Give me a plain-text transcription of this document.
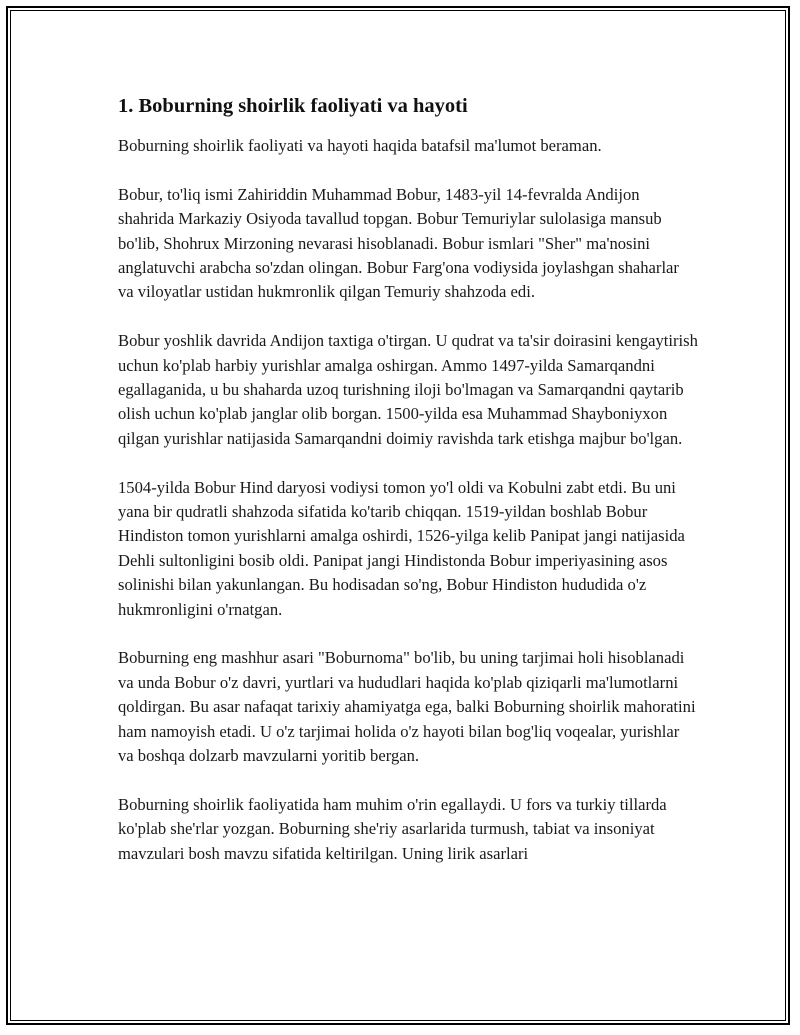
1. Boburning shoirlik faoliyati va hayoti

Boburning shoirlik faoliyati va hayoti haqida batafsil ma'lumot beraman.

Bobur, to'liq ismi Zahiriddin Muhammad Bobur, 1483-yil 14-fevralda Andijon shahrida Markaziy Osiyoda tavallud topgan. Bobur Temuriylar sulolasiga mansub bo'lib, Shohrux Mirzoning nevarasi hisoblanadi. Bobur ismlari "Sher" ma'nosini anglatuvchi arabcha so'zdan olingan. Bobur Farg'ona vodiysida joylashgan shaharlar va viloyatlar ustidan hukmronlik qilgan Temuriy shahzoda edi.

Bobur yoshlik davrida Andijon taxtiga o'tirgan. U qudrat va ta'sir doirasini kengaytirish uchun ko'plab harbiy yurishlar amalga oshirgan. Ammo 1497-yilda Samarqandni egallaganida, u bu shaharda uzoq turishning iloji bo'lmagan va Samarqandni qaytarib olish uchun ko'plab janglar olib borgan. 1500-yilda esa Muhammad Shayboniyxon qilgan yurishlar natijasida Samarqandni doimiy ravishda tark etishga majbur bo'lgan.

1504-yilda Bobur Hind daryosi vodiysi tomon yo'l oldi va Kobulni zabt etdi. Bu uni yana bir qudratli shahzoda sifatida ko'tarib chiqqan. 1519-yildan boshlab Bobur Hindiston tomon yurishlarni amalga oshirdi, 1526-yilga kelib Panipat jangi natijasida Dehli sultonligini bosib oldi. Panipat jangi Hindistonda Bobur imperiyasining asos solinishi bilan yakunlangan. Bu hodisadan so'ng, Bobur Hindiston hududida o'z hukmronligini o'rnatgan.

Boburning eng mashhur asari "Boburnoma" bo'lib, bu uning tarjimai holi hisoblanadi va unda Bobur o'z davri, yurtlari va hududlari haqida ko'plab qiziqarli ma'lumotlarni qoldirgan. Bu asar nafaqat tarixiy ahamiyatga ega, balki Boburning shoirlik mahoratini ham namoyish etadi. U o'z tarjimai holida o'z hayoti bilan bog'liq voqealar, yurishlar va boshqa dolzarb mavzularni yoritib bergan.

Boburning shoirlik faoliyatida ham muhim o'rin egallaydi. U fors va turkiy tillarda ko'plab she'rlar yozgan. Boburning she'riy asarlarida turmush, tabiat va insoniyat mavzulari bosh mavzu sifatida keltirilgan. Uning lirik asarlari
